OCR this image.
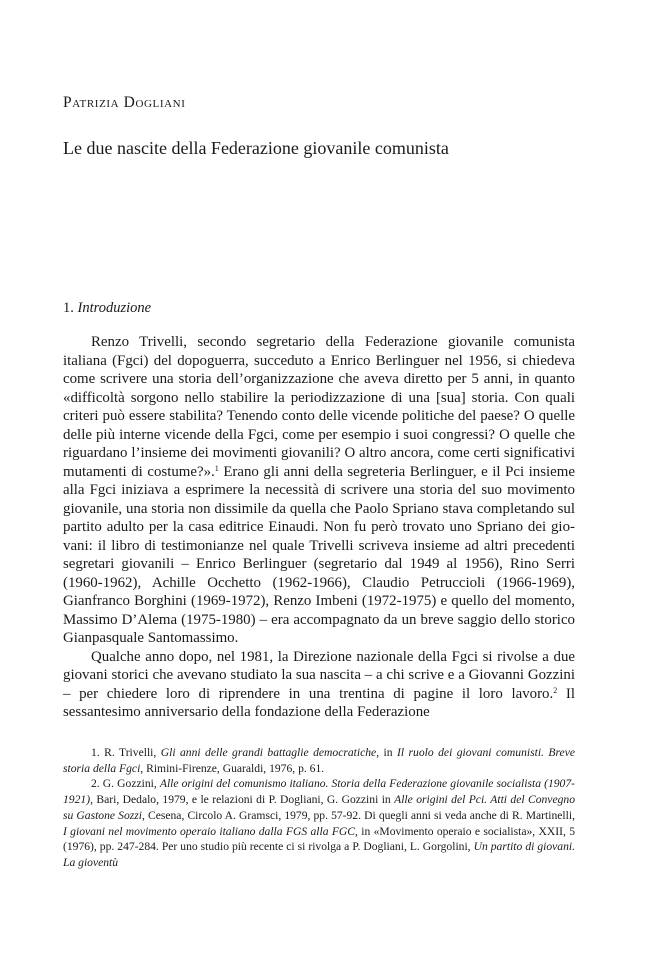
Patrizia Dogliani
Le due nascite della Federazione giovanile comunista
1. Introduzione

Renzo Trivelli, secondo segretario della Federazione giovanile comunista italiana (Fgci) del dopoguerra, succeduto a Enrico Berlinguer nel 1956, si chiedeva come scrivere una storia dell’organizzazione che aveva diretto per 5 anni, in quanto «difficoltà sorgono nello stabilire la periodizzazione di una [sua] storia. Con quali criteri può essere stabilita? Tenendo conto delle vicende politiche del paese? O quelle delle più interne vicende della Fgci, come per esempio i suoi congressi? O quelle che riguardano l’insieme dei movimenti giovanili? O altro ancora, come certi significativi mutamenti di costume?».$^1$ Erano gli anni della segreteria Berlinguer, e il Pci insieme alla Fgci iniziava a esprimere la necessità di scrivere una storia del suo movimento giovanile, una storia non dissimile da quella che Paolo Spriano stava completando sul partito adulto per la casa editrice Einaudi. Non fu però trovato uno Spriano dei giovani: il libro di testimonianze nel quale Trivelli scriveva insieme ad altri precedenti segretari giovanili – Enrico Berlinguer (segretario dal 1949 al 1956), Rino Serri (1960-1962), Achille Occhetto (1962-1966), Claudio Petruccioli (1966-1969), Gianfranco Borghini (1969-1972), Renzo Imbeni (1972-1975) e quello del momento, Massimo D’Alema (1975-1980) – era accompagnato da un breve saggio dello storico Gianpasquale Santomassimo.

Qualche anno dopo, nel 1981, la Direzione nazionale della Fgci si rivolse a due giovani storici che avevano studiato la sua nascita – a chi scrive e a Giovanni Gozzini – per chiedere loro di riprendere in una trentina di pagine il loro lavoro.$^2$ Il sessantesimo anniversario della fondazione della Federazione

1. R. Trivelli, Gli anni delle grandi battaglie democratiche, in Il ruolo dei giovani comunisti. Breve storia della Fgci, Rimini-Firenze, Guaraldi, 1976, p. 61.

2. G. Gozzini, Alle origini del comunismo italiano. Storia della Federazione giovanile socialista (1907-1921), Bari, Dedalo, 1979, e le relazioni di P. Dogliani, G. Gozzini in Alle origini del Pci. Atti del Convegno su Gastone Sozzi, Cesena, Circolo A. Gramsci, 1979, pp. 57-92. Di quegli anni si veda anche di R. Martinelli, I giovani nel movimento operaio italiano dalla FGS alla FGC, in «Movimento operaio e socialista», XXII, 5 (1976), pp. 247-284. Per uno studio più recente ci si rivolga a P. Dogliani, L. Gorgolini, Un partito di giovani. La gioventù
